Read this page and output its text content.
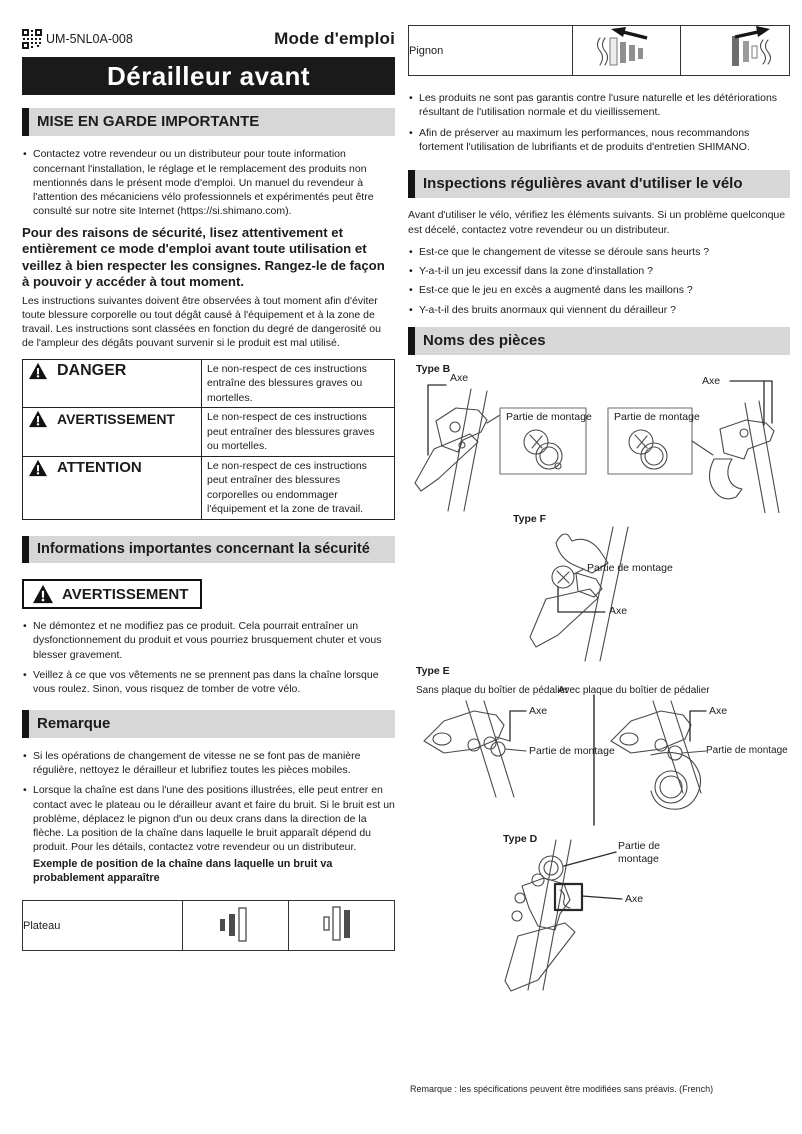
UM-5NL0A-008	Mode d'emploi
Dérailleur avant
MISE EN GARDE IMPORTANTE
• Contactez votre revendeur ou un distributeur pour toute information concernant l'installation, le réglage et le remplacement des produits non mentionnés dans le présent mode d'emploi. Un manuel du revendeur à l'attention des mécaniciens vélo professionnels et expérimentés peut être consulté sur notre site Internet (https://si.shimano.com).

Pour des raisons de sécurité, lisez attentivement et entièrement ce mode d'emploi avant toute utilisation et veillez à bien respecter les consignes. Rangez-le de façon à pouvoir y accéder à tout moment.

Les instructions suivantes doivent être observées à tout moment afin d'éviter toute blessure corporelle ou tout dégât causé à l'équipement et à la zone de travail. Les instructions sont classées en fonction du degré de dangerosité ou de l'ampleur des dégâts pouvant survenir si le produit est mal utilisé.

DANGER	Le non-respect de ces instructions entraîne des blessures graves ou mortelles.

AVERTISSEMENT	Le non-respect de ces instructions peut entraîner des blessures graves ou mortelles.

ATTENTION	Le non-respect de ces instructions peut entraîner des blessures corporelles ou endommager l'équipement et la zone de travail.
Informations importantes concernant la sécurité
AVERTISSEMENT
• Ne démontez et ne modifiez pas ce produit. Cela pourrait entraîner un dysfonctionnement du produit et vous pourriez brusquement chuter et vous blesser gravement.
• Veillez à ce que vos vêtements ne se prennent pas dans la chaîne lorsque vous roulez. Sinon, vous risquez de tomber de votre vélo.
Remarque
• Si les opérations de changement de vitesse ne se font pas de manière régulière, nettoyez le dérailleur et lubrifiez toutes les pièces mobiles.
• Lorsque la chaîne est dans l'une des positions illustrées, elle peut entrer en contact avec le plateau ou le dérailleur avant et faire du bruit. Si le bruit est un problème, déplacez le pignon d'un ou deux crans dans la direction de la flèche. La position de la chaîne dans laquelle le bruit apparaît dépend du produit. Pour les détails, contactez votre revendeur ou un distributeur.
Exemple de position de la chaîne dans laquelle un bruit va probablement apparaître
Plateau		
Pignon		
• Les produits ne sont pas garantis contre l'usure naturelle et les détériorations résultant de l'utilisation normale et du vieillissement.
• Afin de préserver au maximum les performances, nous recommandons fortement l'utilisation de lubrifiants et de produits d'entretien SHIMANO.
Inspections régulières avant d'utiliser le vélo

Avant d'utiliser le vélo, vérifiez les éléments suivants. Si un problème quelconque est décelé, contactez votre revendeur ou un distributeur.

• Est-ce que le changement de vitesse se déroule sans heurts ?
• Y-a-t-il un jeu excessif dans la zone d'installation ?
• Est-ce que le jeu en excès a augmenté dans les maillons ?
• Y-a-t-il des bruits anormaux qui viennent du dérailleur ?
Noms des pièces
Type B
Axe
Partie de montage Partie de montage
Axe
Type F
Partie de montage
Axe
Type E
Sans plaque du boîtier de pédalier
Avec plaque du boîtier de pédalier
Axe
Partie de montage
Axe
Partie de montage
Type D
Partie de montage
Axe
Remarque : les spécifications peuvent être modifiées sans préavis. (French)
